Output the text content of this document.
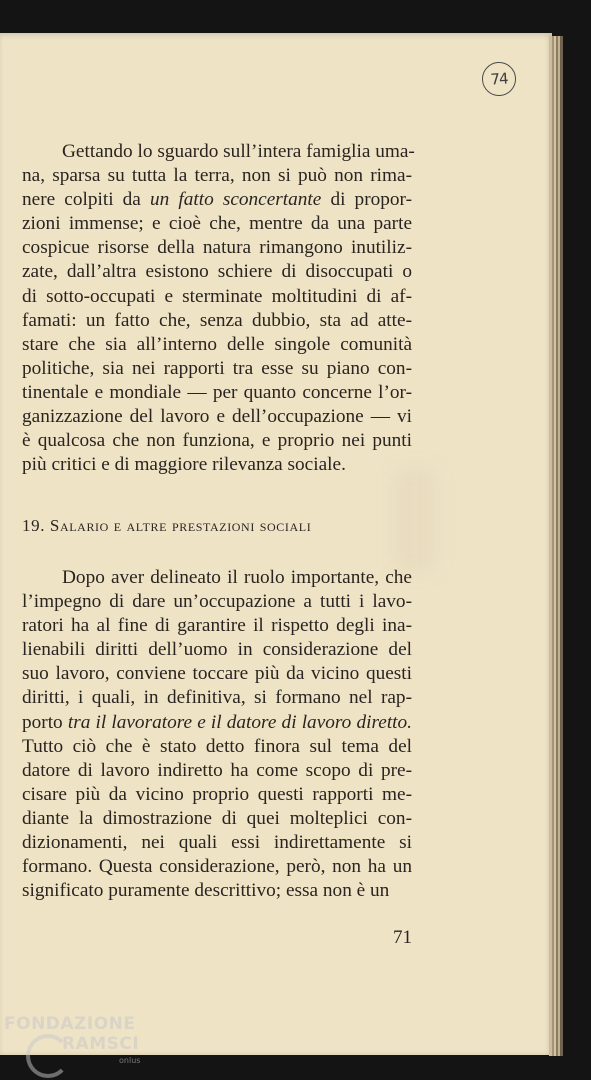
74
Gettando lo sguardo sull’intera famiglia uma-
na, sparsa su tutta la terra, non si può non rima-
nere colpiti da un fatto sconcertante di propor-
zioni immense; e cioè che, mentre da una parte
cospicue risorse della natura rimangono inutiliz-
zate, dall’altra esistono schiere di disoccupati o
di sotto-occupati e sterminate moltitudini di af-
famati: un fatto che, senza dubbio, sta ad atte-
stare che sia all’interno delle singole comunità
politiche, sia nei rapporti tra esse su piano con-
tinentale e mondiale — per quanto concerne l’or-
ganizzazione del lavoro e dell’occupazione — vi
è qualcosa che non funziona, e proprio nei punti
più critici e di maggiore rilevanza sociale.
19. Salario e altre prestazioni sociali
Dopo aver delineato il ruolo importante, che
l’impegno di dare un’occupazione a tutti i lavo-
ratori ha al fine di garantire il rispetto degli ina-
lienabili diritti dell’uomo in considerazione del
suo lavoro, conviene toccare più da vicino questi
diritti, i quali, in definitiva, si formano nel rap-
porto tra il lavoratore e il datore di lavoro diretto.
Tutto ciò che è stato detto finora sul tema del
datore di lavoro indiretto ha come scopo di pre-
cisare più da vicino proprio questi rapporti me-
diante la dimostrazione di quei molteplici con-
dizionamenti, nei quali essi indirettamente si
formano. Questa considerazione, però, non ha un
significato puramente descrittivo; essa non è un
71
FONDAZIONE
RAMSCI
onlus
